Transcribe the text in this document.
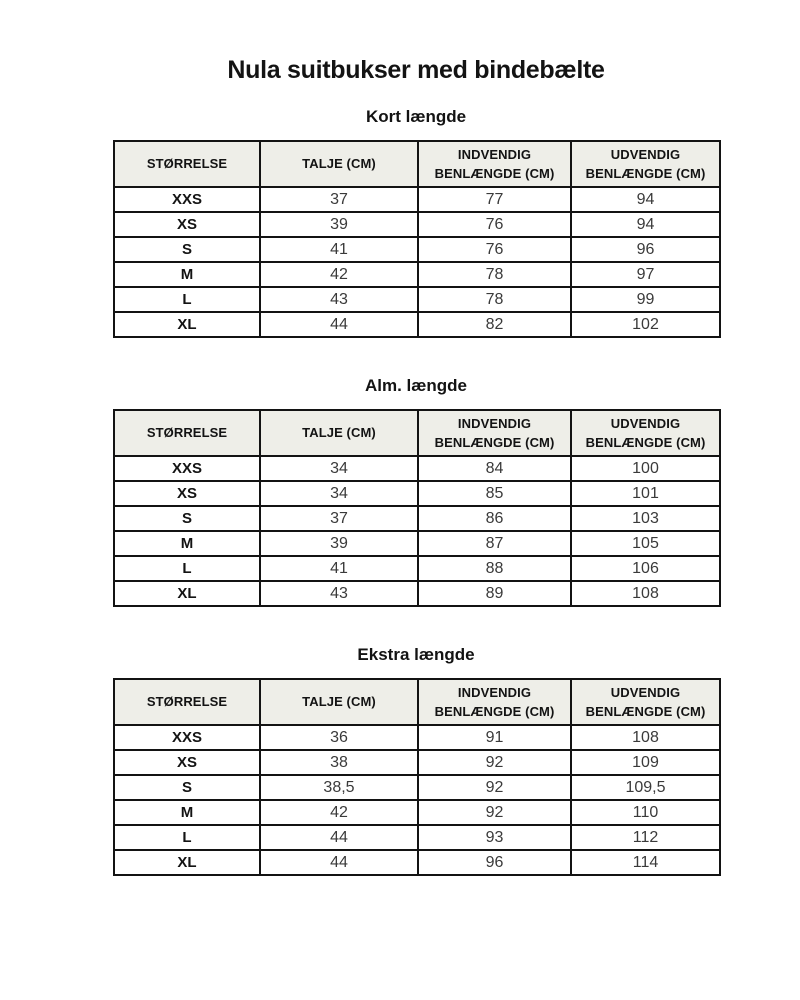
Nula suitbukser med bindebælte
Kort længde
STØRRELSE	TALJE (CM)	INDVENDIG BENLÆNGDE (CM)	UDVENDIG BENLÆNGDE (CM)
XXS	37	77	94
XS	39	76	94
S	41	76	96
M	42	78	97
L	43	78	99
XL	44	82	102
Alm. længde
STØRRELSE	TALJE (CM)	INDVENDIG BENLÆNGDE (CM)	UDVENDIG BENLÆNGDE (CM)
XXS	34	84	100
XS	34	85	101
S	37	86	103
M	39	87	105
L	41	88	106
XL	43	89	108
Ekstra længde
STØRRELSE	TALJE (CM)	INDVENDIG BENLÆNGDE (CM)	UDVENDIG BENLÆNGDE (CM)
XXS	36	91	108
XS	38	92	109
S	38,5	92	109,5
M	42	92	110
L	44	93	112
XL	44	96	114
